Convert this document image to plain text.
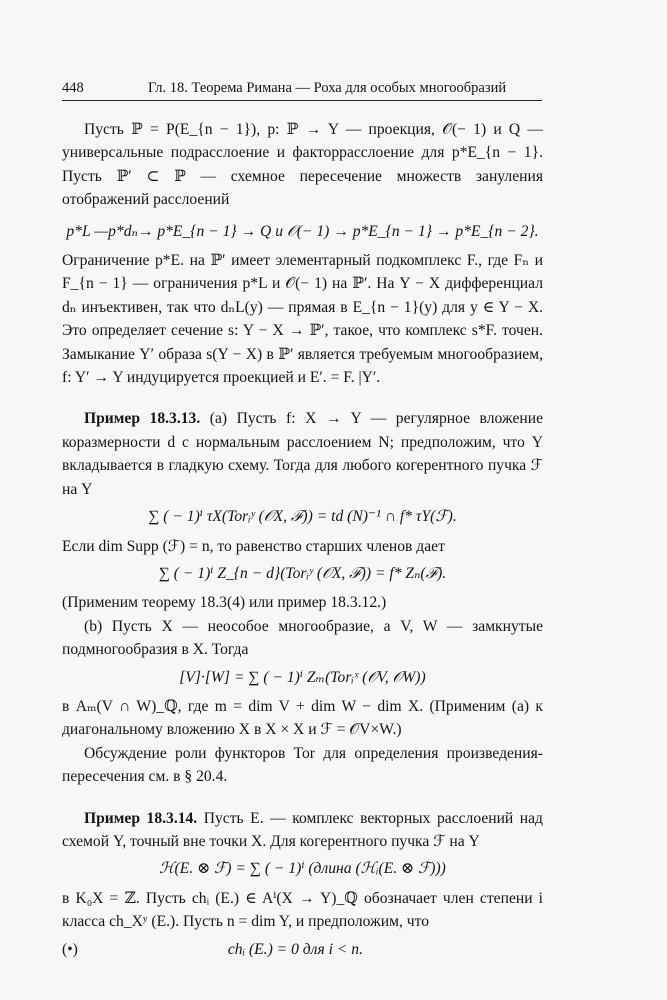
448	Гл. 18. Теорема Римана — Роха для особых многообразий

Пусть ℙ = P(E_{n − 1}), p: ℙ → Y — проекция, 𝒪(− 1) и Q — универсальные подрасслоение и факторрасслоение для p*E_{n − 1}. Пусть ℙ′ ⊂ ℙ — схемное пересечение множеств зануления отображений расслоений

p*L —p*dₙ→ p*E_{n − 1} → Q и 𝒪(− 1) → p*E_{n − 1} → p*E_{n − 2}.

Ограничение p*E. на ℙ′ имеет элементарный подкомплекс F., где Fₙ и F_{n − 1} — ограничения p*L и 𝒪(− 1) на ℙ′. На Y − X дифференциал dₙ инъективен, так что dₙL(y) — прямая в E_{n − 1}(y) для y ∈ Y − X. Это определяет сечение s: Y − X → ℙ′, такое, что комплекс s*F. точен. Замыкание Y′ образа s(Y − X) в ℙ′ является требуемым многообразием, f: Y′ → Y индуцируется проекцией и E′. = F. |Y′.

Пример 18.3.13. (a) Пусть f: X → Y — регулярное вложение коразмерности d с нормальным расслоением N; предположим, что Y вкладывается в гладкую схему. Тогда для любого когерентного пучка ℱ на Y

∑ ( − 1)ⁱ τX(Torᵢʸ (𝒪X, ℱ)) = td (N)⁻¹ ∩ f* τY(ℱ).

Если dim Supp (ℱ) = n, то равенство старших членов дает

∑ ( − 1)ⁱ Z_{n − d}(Torᵢʸ (𝒪X, ℱ)) = f* Zₙ(ℱ).

(Применим теорему 18.3(4) или пример 18.3.12.)

(b) Пусть X — неособое многообразие, а V, W — замкнутые подмногообразия в X. Тогда

[V]·[W] = ∑ ( − 1)ⁱ Zₘ(Torᵢˣ (𝒪V, 𝒪W))

в Aₘ(V ∩ W)_ℚ, где m = dim V + dim W − dim X. (Применим (a) к диагональному вложению X в X × X и ℱ = 𝒪V×W.)

Обсуждение роли функторов Tor для определения произведения-пересечения см. в § 20.4.

Пример 18.3.14. Пусть E. — комплекс векторных расслоений над схемой Y, точный вне точки X. Для когерентного пучка ℱ на Y

ℋ(E. ⊗ ℱ) = ∑ ( − 1)ⁱ (длина (ℋᵢ(E. ⊗ ℱ)))

в K₀X = ℤ. Пусть chᵢ (E.) ∈ Aⁱ(X → Y)_ℚ обозначает член степени i класса ch_Xʸ (E.). Пусть n = dim Y, и предположим, что

(•)	chᵢ (E.) = 0 для i < n.
